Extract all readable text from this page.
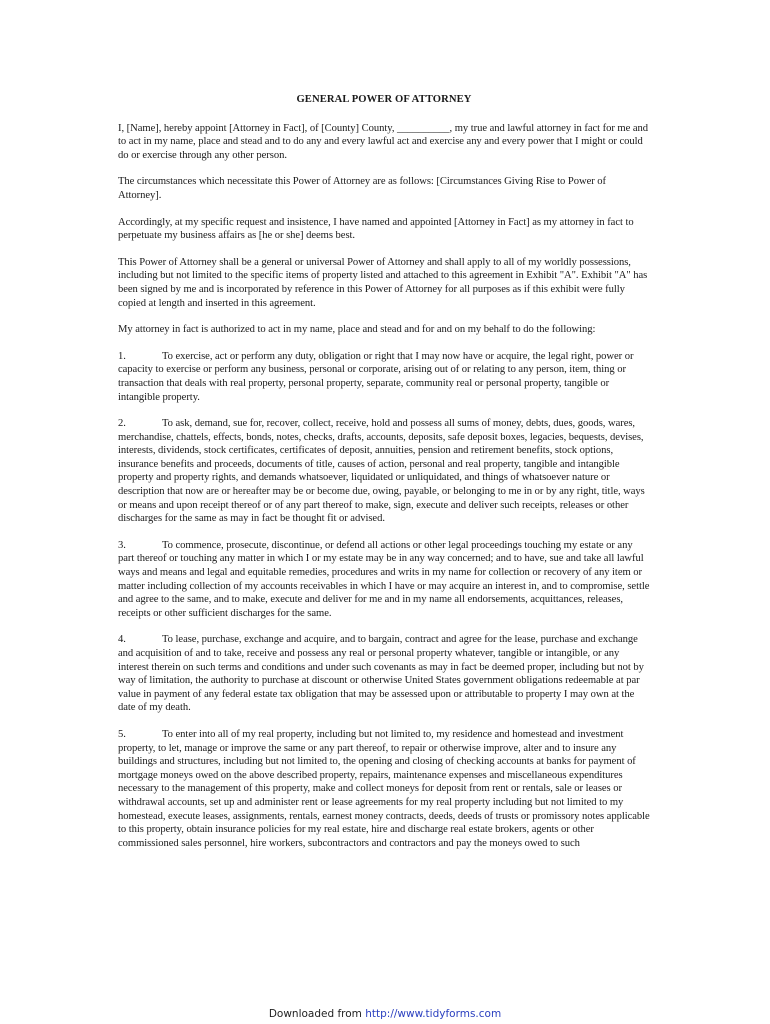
GENERAL POWER OF ATTORNEY

I, [Name], hereby appoint [Attorney in Fact], of [County] County, __________, my true and lawful attorney in fact for me and to act in my name, place and stead and to do any and every lawful act and exercise any and every power that I might or could do or exercise through any other person.

The circumstances which necessitate this Power of Attorney are as follows: [Circumstances Giving Rise to Power of Attorney].

Accordingly, at my specific request and insistence, I have named and appointed [Attorney in Fact] as my attorney in fact to perpetuate my business affairs as [he or she] deems best.

This Power of Attorney shall be a general or universal Power of Attorney and shall apply to all of my worldly possessions, including but not limited to the specific items of property listed and attached to this agreement in Exhibit "A". Exhibit "A" has been signed by me and is incorporated by reference in this Power of Attorney for all purposes as if this exhibit were fully copied at length and inserted in this agreement.

My attorney in fact is authorized to act in my name, place and stead and for and on my behalf to do the following:

1.	To exercise, act or perform any duty, obligation or right that I may now have or acquire, the legal right, power or capacity to exercise or perform any business, personal or corporate, arising out of or relating to any person, item, thing or transaction that deals with real property, personal property, separate, community real or personal property, tangible or intangible property.

2.	To ask, demand, sue for, recover, collect, receive, hold and possess all sums of money, debts, dues, goods, wares, merchandise, chattels, effects, bonds, notes, checks, drafts, accounts, deposits, safe deposit boxes, legacies, bequests, devises, interests, dividends, stock certificates, certificates of deposit, annuities, pension and retirement benefits, stock options, insurance benefits and proceeds, documents of title, causes of action, personal and real property, tangible and intangible property and property rights, and demands whatsoever, liquidated or unliquidated, and things of whatsoever nature or description that now are or hereafter may be or become due, owing, payable, or belonging to me in or by any right, title, ways or means and upon receipt thereof or of any part thereof to make, sign, execute and deliver such receipts, releases or other discharges for the same as may in fact be thought fit or advised.

3.	To commence, prosecute, discontinue, or defend all actions or other legal proceedings touching my estate or any part thereof or touching any matter in which I or my estate may be in any way concerned; and to have, sue and take all lawful ways and means and legal and equitable remedies, procedures and writs in my name for collection or recovery of any item or matter including collection of my accounts receivables in which I have or may acquire an interest in, and to compromise, settle and agree to the same, and to make, execute and deliver for me and in my name all endorsements, acquittances, releases, receipts or other sufficient discharges for the same.

4.	To lease, purchase, exchange and acquire, and to bargain, contract and agree for the lease, purchase and exchange and acquisition of and to take, receive and possess any real or personal property whatever, tangible or intangible, or any interest therein on such terms and conditions and under such covenants as may in fact be deemed proper, including but not by way of limitation, the authority to purchase at discount or otherwise United States government obligations redeemable at par value in payment of any federal estate tax obligation that may be assessed upon or attributable to property I may own at the date of my death.

5.	To enter into all of my real property, including but not limited to, my residence and homestead and investment property, to let, manage or improve the same or any part thereof, to repair or otherwise improve, alter and to insure any buildings and structures, including but not limited to, the opening and closing of checking accounts at banks for payment of mortgage moneys owed on the above described property, repairs, maintenance expenses and miscellaneous expenditures necessary to the management of this property, make and collect moneys for deposit from rent or rentals, sale or leases or withdrawal accounts, set up and administer rent or lease agreements for my real property including but not limited to my homestead, execute leases, assignments, rentals, earnest money contracts, deeds, deeds of trusts or promissory notes applicable to this property, obtain insurance policies for my real estate, hire and discharge real estate brokers, agents or other commissioned sales personnel, hire workers, subcontractors and contractors and pay the moneys owed to such

Downloaded from http://www.tidyforms.com
